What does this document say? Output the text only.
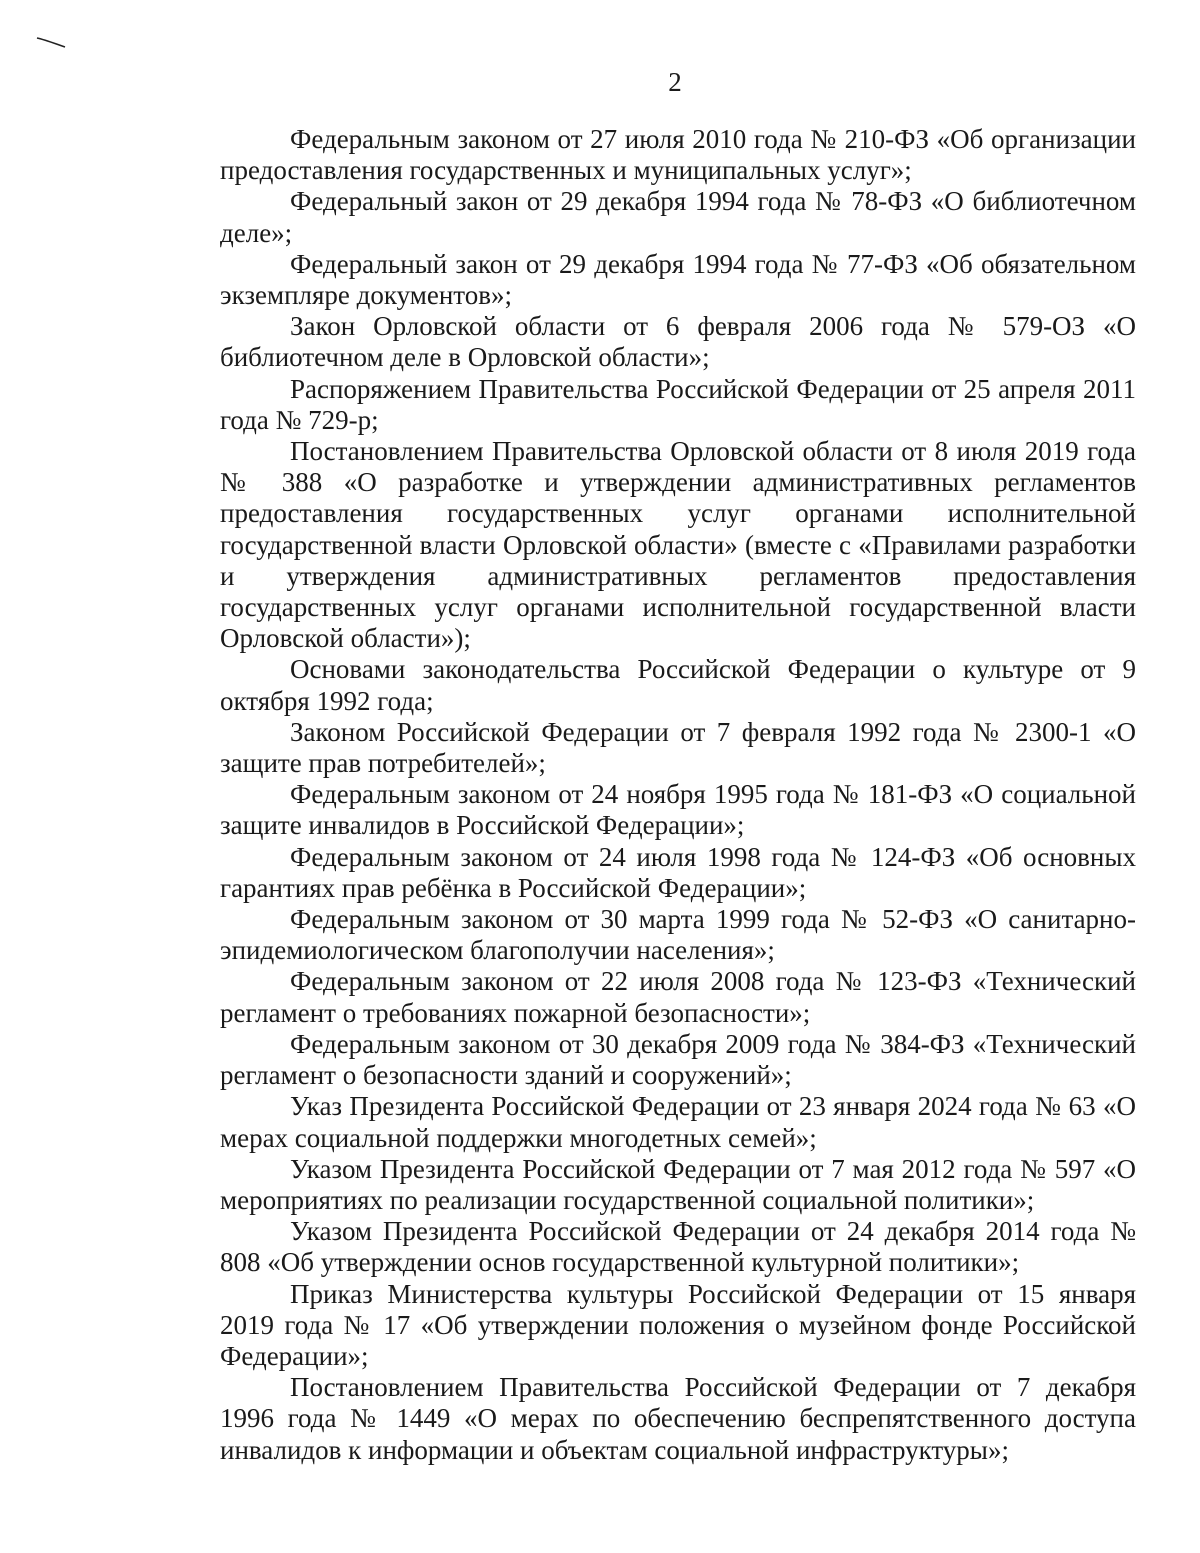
2

Федеральным законом от 27 июля 2010 года № 210-ФЗ «Об организации предоставления государственных и муниципальных услуг»;

Федеральный закон от 29 декабря 1994 года № 78-ФЗ «О библиотечном деле»;

Федеральный закон от 29 декабря 1994 года № 77-ФЗ «Об обязательном экземпляре документов»;

Закон Орловской области от 6 февраля 2006 года № 579-ОЗ «О библиотечном деле в Орловской области»;

Распоряжением Правительства Российской Федерации от 25 апреля 2011 года № 729-р;

Постановлением Правительства Орловской области от 8 июля 2019 года № 388 «О разработке и утверждении административных регламентов предоставления государственных услуг органами исполнительной государственной власти Орловской области» (вместе с «Правилами разработки и утверждения административных регламентов предоставления государственных услуг органами исполнительной государственной власти Орловской области»);

Основами законодательства Российской Федерации о культуре от 9 октября 1992 года;

Законом Российской Федерации от 7 февраля 1992 года № 2300-1 «О защите прав потребителей»;

Федеральным законом от 24 ноября 1995 года № 181-ФЗ «О социальной защите инвалидов в Российской Федерации»;

Федеральным законом от 24 июля 1998 года № 124-ФЗ «Об основных гарантиях прав ребёнка в Российской Федерации»;

Федеральным законом от 30 марта 1999 года № 52-ФЗ «О санитарно-эпидемиологическом благополучии населения»;

Федеральным законом от 22 июля 2008 года № 123-ФЗ «Технический регламент о требованиях пожарной безопасности»;

Федеральным законом от 30 декабря 2009 года № 384-ФЗ «Технический регламент о безопасности зданий и сооружений»;

Указ Президента Российской Федерации от 23 января 2024 года № 63 «О мерах социальной поддержки многодетных семей»;

Указом Президента Российской Федерации от 7 мая 2012 года № 597 «О мероприятиях по реализации государственной социальной политики»;

Указом Президента Российской Федерации от 24 декабря 2014 года № 808 «Об утверждении основ государственной культурной политики»;

Приказ Министерства культуры Российской Федерации от 15 января 2019 года № 17 «Об утверждении положения о музейном фонде Российской Федерации»;

Постановлением Правительства Российской Федерации от 7 декабря 1996 года № 1449 «О мерах по обеспечению беспрепятственного доступа инвалидов к информации и объектам социальной инфраструктуры»;
